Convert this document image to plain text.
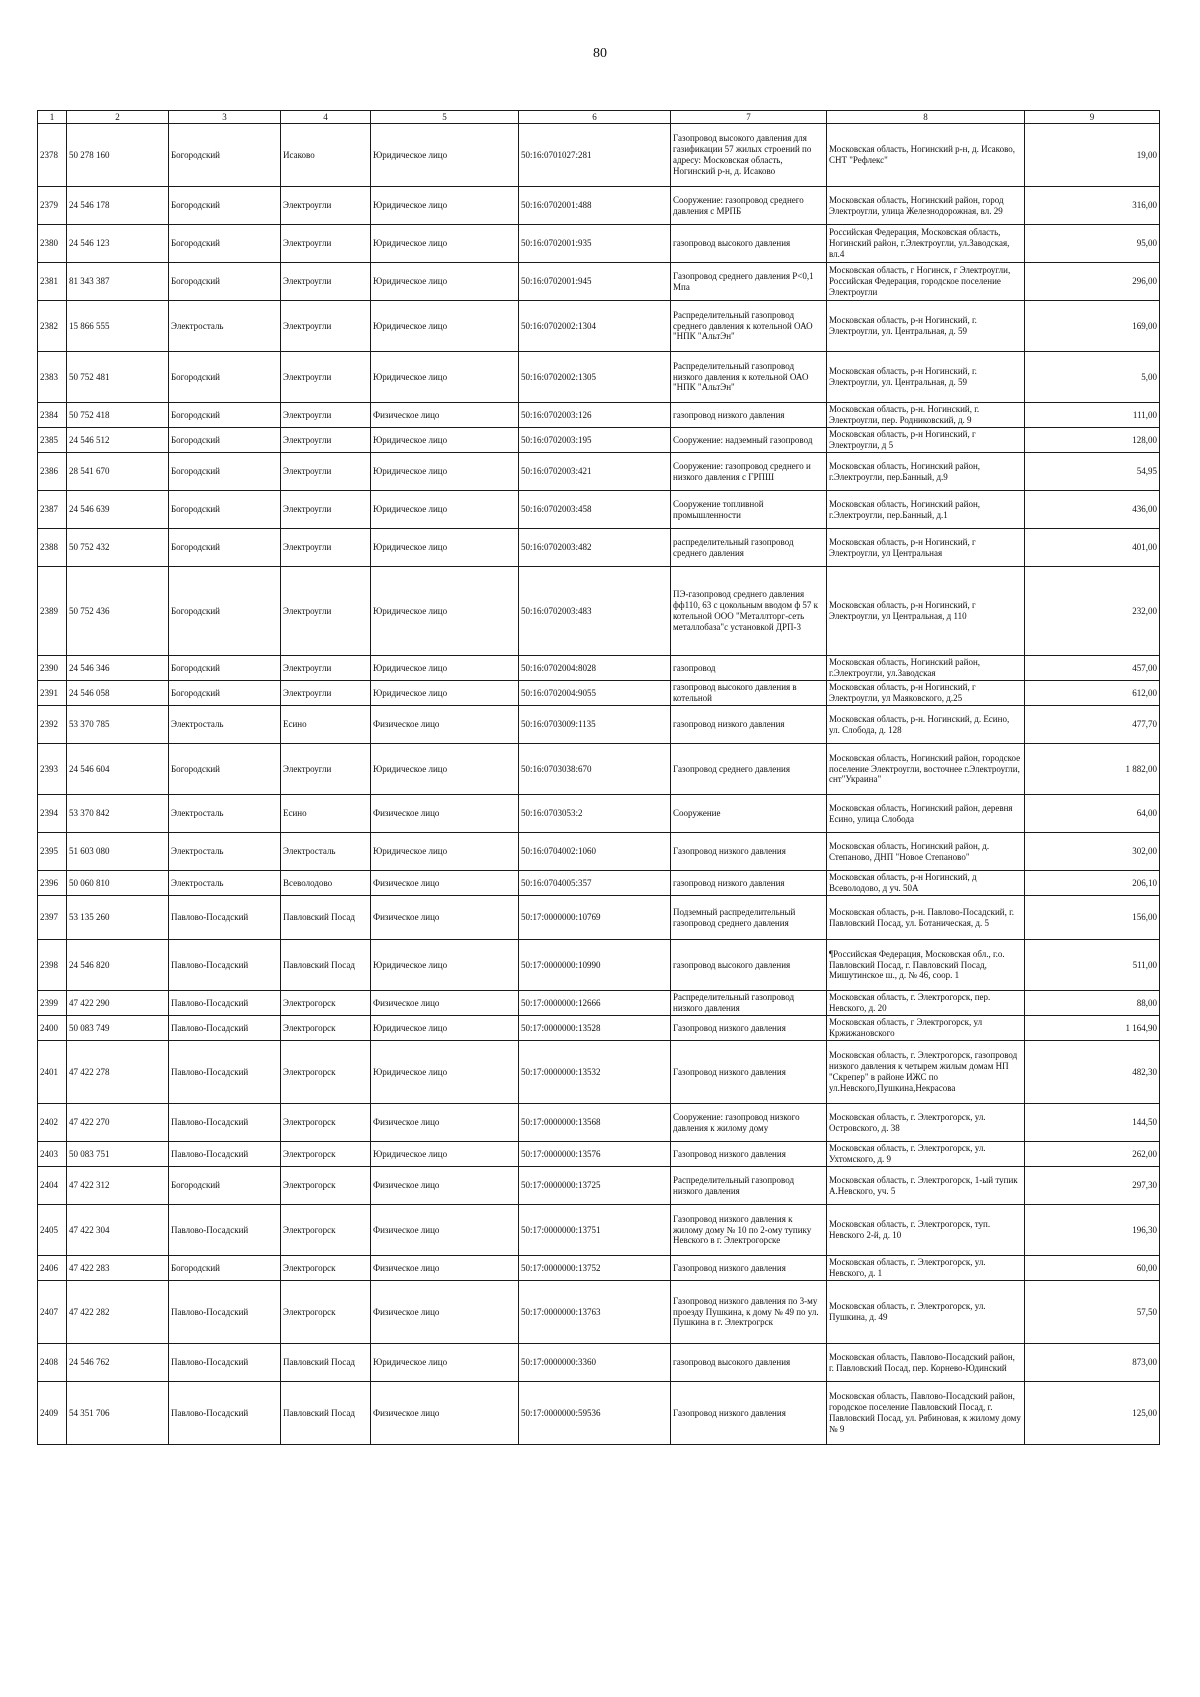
80
1	2	3	4	5	6	7	8	9
2378	50 278 160	Богородский	Исаково	Юридическое лицо	50:16:0701027:281	Газопровод высокого давления для газификации 57 жилых строений по адресу: Московская область, Ногинский р-н, д. Исаково	Московская область, Ногинский р-н, д. Исаково, СНТ "Рефлекс"	19,00
2379	24 546 178	Богородский	Электроугли	Юридическое лицо	50:16:0702001:488	Сооружение: газопровод среднего давления с МРПБ	Московская область, Ногинский район, город Электроугли, улица Железнодорожная, вл. 29	316,00
2380	24 546 123	Богородский	Электроугли	Юридическое лицо	50:16:0702001:935	газопровод высокого давления	Российская Федерация, Московская область, Ногинский район, г.Электроугли, ул.Заводская, вл.4	95,00
2381	81 343 387	Богородский	Электроугли	Юридическое лицо	50:16:0702001:945	Газопровод среднего давления P<0,1 Мпа	Московская область, г Ногинск, г Электроугли, Российская Федерация, городское поселение Электроугли	296,00
2382	15 866 555	Электросталь	Электроугли	Юридическое лицо	50:16:0702002:1304	Распределительный газопровод среднего давления к котельной ОАО "НПК "АльтЭн"	Московская область, р-н Ногинский, г. Электроугли, ул. Центральная, д. 59	169,00
2383	50 752 481	Богородский	Электроугли	Юридическое лицо	50:16:0702002:1305	Распределительный газопровод низкого давления к котельной ОАО "НПК "АльтЭн"	Московская область, р-н Ногинский, г. Электроугли, ул. Центральная, д. 59	5,00
2384	50 752 418	Богородский	Электроугли	Физическое лицо	50:16:0702003:126	газопровод низкого давления	Московская область, р-н. Ногинский, г. Электроугли, пер. Родниковский, д. 9	111,00
2385	24 546 512	Богородский	Электроугли	Юридическое лицо	50:16:0702003:195	Сооружение: надземный газопровод	Московская область, р-н Ногинский, г Электроугли, д 5	128,00
2386	28 541 670	Богородский	Электроугли	Юридическое лицо	50:16:0702003:421	Сооружение: газопровод среднего и низкого давления с ГРПШ	Московская область, Ногинский район, г.Электроугли, пер.Банный, д.9	54,95
2387	24 546 639	Богородский	Электроугли	Юридическое лицо	50:16:0702003:458	Сооружение топливной промышленности	Московская область, Ногинский район, г.Электроугли, пер.Банный, д.1	436,00
2388	50 752 432	Богородский	Электроугли	Юридическое лицо	50:16:0702003:482	распределительный газопровод среднего давления	Московская область, р-н Ногинский, г Электроугли, ул Центральная	401,00
2389	50 752 436	Богородский	Электроугли	Юридическое лицо	50:16:0702003:483	ПЭ-газопровод среднего давления фф110, 63 с цокольным вводом ф 57 к котельной ООО "Металлторг-сеть металлобаза"с установкой ДРП-3	Московская область, р-н Ногинский, г Электроугли, ул Центральная, д 110	232,00
2390	24 546 346	Богородский	Электроугли	Юридическое лицо	50:16:0702004:8028	газопровод	Московская область, Ногинский район, г.Электроугли, ул.Заводская	457,00
2391	24 546 058	Богородский	Электроугли	Юридическое лицо	50:16:0702004:9055	газопровод высокого давления в котельной	Московская область, р-н Ногинский, г Электроугли, ул Маяковского, д.25	612,00
2392	53 370 785	Электросталь	Есино	Физическое лицо	50:16:0703009:1135	газопровод низкого давления	Московская область, р-н. Ногинский, д. Есино, ул. Слобода, д. 128	477,70
2393	24 546 604	Богородский	Электроугли	Юридическое лицо	50:16:0703038:670	Газопровод среднего давления	Московская область, Ногинский район, городское поселение Электроугли, восточнее г.Электроугли, снт"Украина"	1 882,00
2394	53 370 842	Электросталь	Есино	Физическое лицо	50:16:0703053:2	Сооружение	Московская область, Ногинский район, деревня Есино, улица Слобода	64,00
2395	51 603 080	Электросталь	Электросталь	Юридическое лицо	50:16:0704002:1060	Газопровод низкого давления	Московская область, Ногинский район, д. Степаново, ДНП "Новое Степаново"	302,00
2396	50 060 810	Электросталь	Всеволодово	Физическое лицо	50:16:0704005:357	газопровод низкого давления	Московская область, р-н Ногинский, д Всеволодово, д уч. 50А	206,10
2397	53 135 260	Павлово-Посадский	Павловский Посад	Физическое лицо	50:17:0000000:10769	Подземный распределительный газопровод среднего давления	Московская область, р-н. Павлово-Посадский, г. Павловский Посад, ул. Ботаническая, д. 5	156,00
2398	24 546 820	Павлово-Посадский	Павловский Посад	Юридическое лицо	50:17:0000000:10990	газопровод высокого давления	¶Российская Федерация, Московская обл., г.о. Павловский Посад, г. Павловский Посад, Мишутинское ш., д. № 46, соор. 1	511,00
2399	47 422 290	Павлово-Посадский	Электрогорск	Физическое лицо	50:17:0000000:12666	Распределительный газопровод низкого давления	Московская область, г. Электрогорск, пер. Невского, д. 20	88,00
2400	50 083 749	Павлово-Посадский	Электрогорск	Юридическое лицо	50:17:0000000:13528	Газопровод низкого давления	Московская область, г Электрогорск, ул Кржижановского	1 164,90
2401	47 422 278	Павлово-Посадский	Электрогорск	Юридическое лицо	50:17:0000000:13532	Газопровод низкого давления	Московская область, г. Электрогорск, газопровод низкого давления к четырем жилым домам НП "Скрепер" в районе ИЖС по ул.Невского,Пушкина,Некрасова	482,30
2402	47 422 270	Павлово-Посадский	Электрогорск	Физическое лицо	50:17:0000000:13568	Сооружение: газопровод низкого давления к жилому дому	Московская область, г. Электрогорск, ул. Островского, д. 38	144,50
2403	50 083 751	Павлово-Посадский	Электрогорск	Юридическое лицо	50:17:0000000:13576	Газопровод низкого давления	Московская область, г. Электрогорск, ул. Ухтомского, д. 9	262,00
2404	47 422 312	Богородский	Электрогорск	Физическое лицо	50:17:0000000:13725	Распределительный газопровод низкого давления	Московская область, г. Электрогорск, 1-ый тупик А.Невского, уч. 5	297,30
2405	47 422 304	Павлово-Посадский	Электрогорск	Физическое лицо	50:17:0000000:13751	Газопровод низкого давления к жилому дому № 10 по 2-ому тупику Невского в г. Электрогорске	Московская область, г. Электрогорск, туп. Невского 2-й, д. 10	196,30
2406	47 422 283	Богородский	Электрогорск	Физическое лицо	50:17:0000000:13752	Газопровод низкого давления	Московская область, г. Электрогорск, ул. Невского, д. 1	60,00
2407	47 422 282	Павлово-Посадский	Электрогорск	Физическое лицо	50:17:0000000:13763	Газопровод низкого давления по 3-му проезду Пушкина, к дому № 49 по ул. Пушкина в г. Электрогрск	Московская область, г. Электрогорск, ул. Пушкина, д. 49	57,50
2408	24 546 762	Павлово-Посадский	Павловский Посад	Юридическое лицо	50:17:0000000:3360	газопровод высокого давления	Московская область, Павлово-Посадский район, г. Павловский Посад, пер. Корнево-Юдинский	873,00
2409	54 351 706	Павлово-Посадский	Павловский Посад	Физическое лицо	50:17:0000000:59536	Газопровод низкого давления	Московская область, Павлово-Посадский район, городское поселение Павловский Посад, г. Павловский Посад, ул. Рябиновая, к жилому дому № 9	125,00
